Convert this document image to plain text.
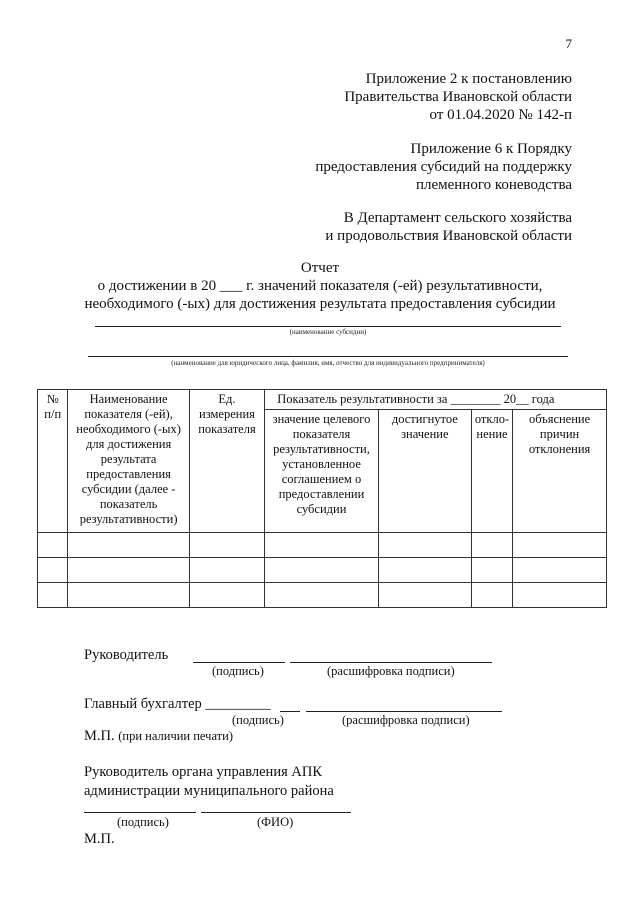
7
Приложение 2 к постановлению
Правительства Ивановской области
от 01.04.2020 № 142-п
Приложение 6 к Порядку
предоставления субсидий на поддержку
племенного коневодства
В Департамент сельского хозяйства
и продовольствия Ивановской области
Отчет
о достижении в 20 ___ г. значений показателя (-ей) результативности,
необходимого (-ых) для достижения результата предоставления субсидии
(наименование субсидии)
(наименование для юридического лица, фамилия, имя, отчество для индивидуального предпринимателя)
№ п/п	Наименование показателя (-ей), необходимого (-ых) для достижения результата предоставления субсидии (далее - показатель результативности)	Ед. измерения показателя	Показатель результативности за ________ 20__ года			
			значение целевого показателя результативности, установленное соглашением о предоставлении субсидии	достигнутое значение	откло-нение	объяснение причин отклонения

Руководитель
(подпись)	(расшифровка подписи)
Главный бухгалтер _________
(подпись)	(расшифровка подписи)
М.П. (при наличии печати)
Руководитель органа управления АПК
администрации муниципального района
(подпись)	(ФИО)
М.П.
